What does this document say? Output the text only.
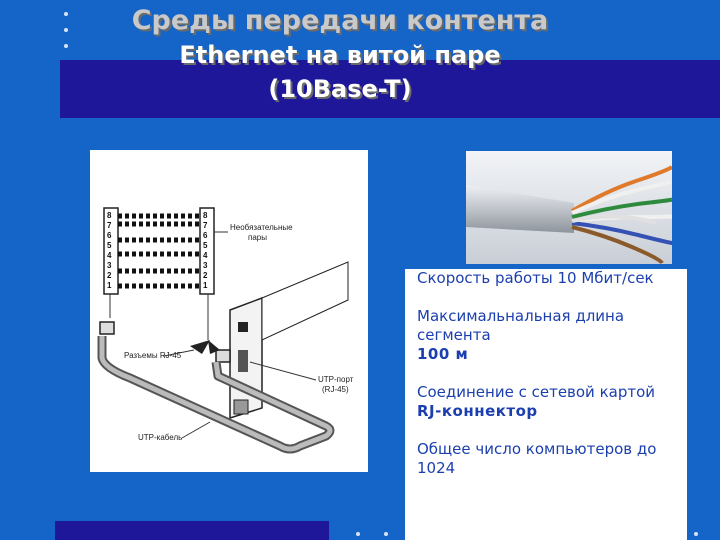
Среды передачи контента
Ethernet на витой паре
(10Base-T)
8
7
6
5
4
3
2
1
8
7
6
5
4
3
2
1
Необязательные
пары
Разъемы RJ-45
UTP-порт
(RJ-45)
UTP-кабель

Скорость работы 10 Мбит/сек

Максимальнальная длина сегмента

100 м

Соединение с сетевой картой

RJ-коннектор

Общее число компьютеров до 1024
